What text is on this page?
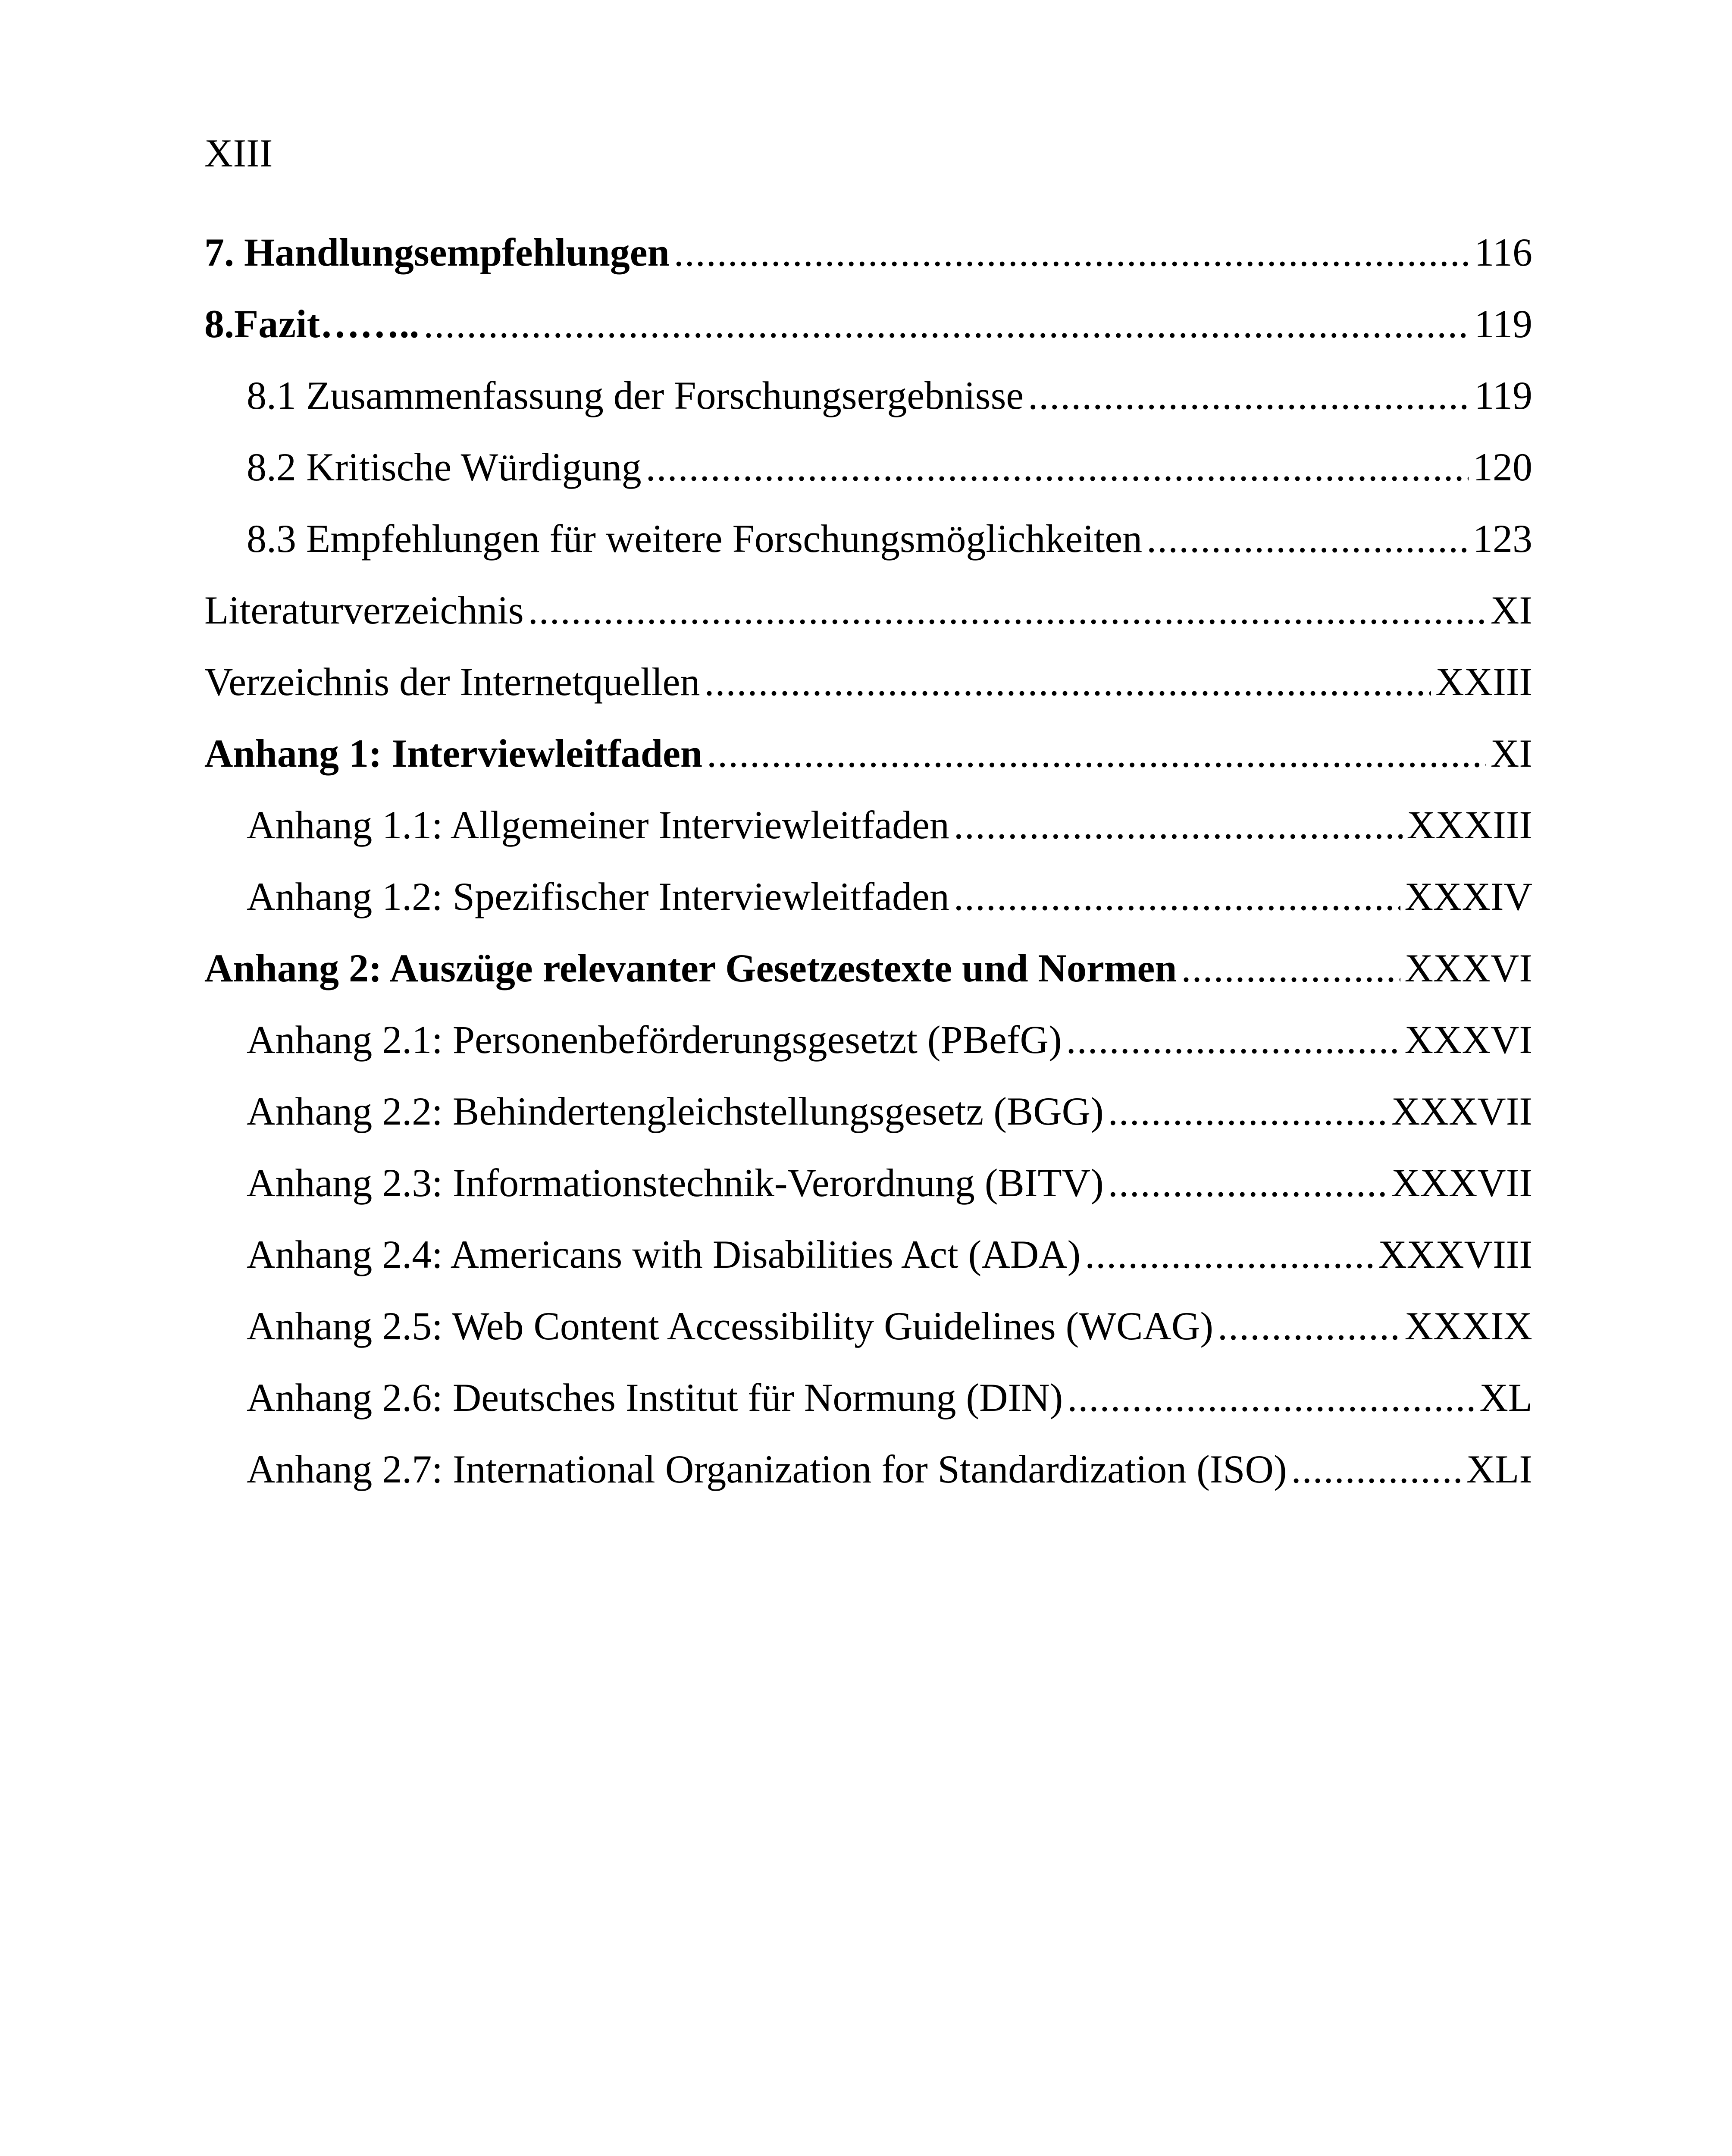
XIII
7. Handlungsempfehlungen .....	116
8.Fazit…….. .....	119
8.1 Zusammenfassung der Forschungsergebnisse .....	119
8.2 Kritische Würdigung .....	120
8.3 Empfehlungen für weitere Forschungsmöglichkeiten .....	123
Literaturverzeichnis .....	XI
Verzeichnis der Internetquellen .....	XXIII
Anhang 1: Interviewleitfaden .....	XI
Anhang 1.1: Allgemeiner Interviewleitfaden .....	XXXIII
Anhang 1.2: Spezifischer Interviewleitfaden .....	XXXIV
Anhang 2: Auszüge relevanter Gesetzestexte und Normen .....	XXXVI
Anhang 2.1: Personenbeförderungsgesetzt (PBefG) .....	XXXVI
Anhang 2.2: Behindertengleichstellungsgesetz (BGG) .....	XXXVII
Anhang 2.3: Informationstechnik-Verordnung (BITV) .....	XXXVII
Anhang 2.4: Americans with Disabilities Act (ADA) .....	XXXVIII
Anhang 2.5: Web Content Accessibility Guidelines (WCAG) .....	XXXIX
Anhang 2.6: Deutsches Institut für Normung (DIN) .....	XL
Anhang 2.7: International Organization for Standardization (ISO) .....	XLI
